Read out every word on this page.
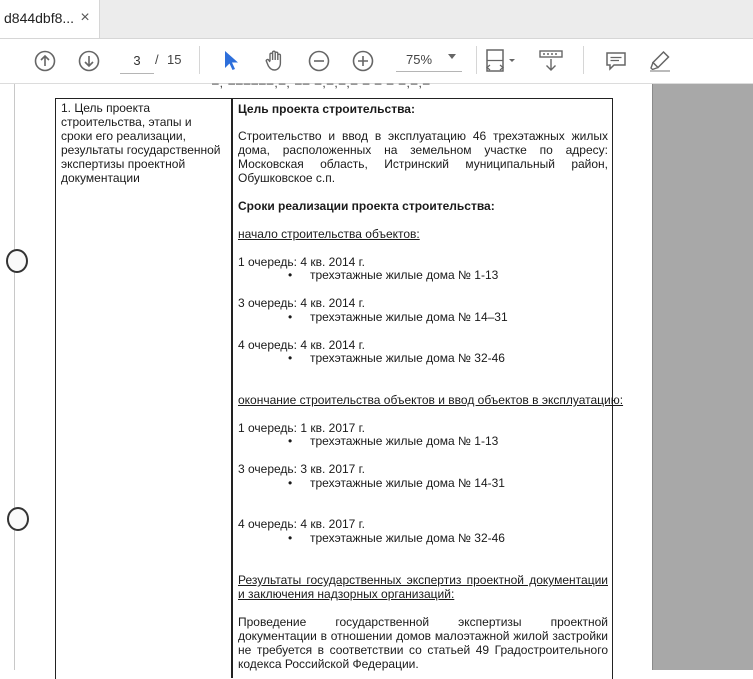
d844dbf8... ×
3
/ 15	75%
–, ––––––,–, –– –,–,–,– – – – –,–,–
1. Цель проекта строительства, этапы и сроки его реализации, результаты государственной экспертизы проектной документации
Цель проекта строительства:
Строительство и ввод в эксплуатацию 46 трехэтажных жилых дома, расположенных на земельном участке по адресу: Московская область, Истринский муниципальный район, Обушковское с.п.
Сроки реализации проекта строительства:
начало строительства объектов:
1 очередь: 4 кв. 2014 г.
• трехэтажные жилые дома № 1-13
3 очередь: 4 кв. 2014 г.
• трехэтажные жилые дома № 14–31
4 очередь: 4 кв. 2014 г.
• трехэтажные жилые дома № 32-46
окончание строительства объектов и ввод объектов в эксплуатацию:
1 очередь: 1 кв. 2017 г.
• трехэтажные жилые дома № 1-13
3 очередь: 3 кв. 2017 г.
• трехэтажные жилые дома № 14-31
4 очередь: 4 кв. 2017 г.
• трехэтажные жилые дома № 32-46
Результаты государственных экспертиз проектной документации и заключения надзорных организаций:
Проведение государственной экспертизы проектной документации в отношении домов малоэтажной жилой застройки не требуется в соответствии со статьей 49 Градостроительного кодекса Российской Федерации.
